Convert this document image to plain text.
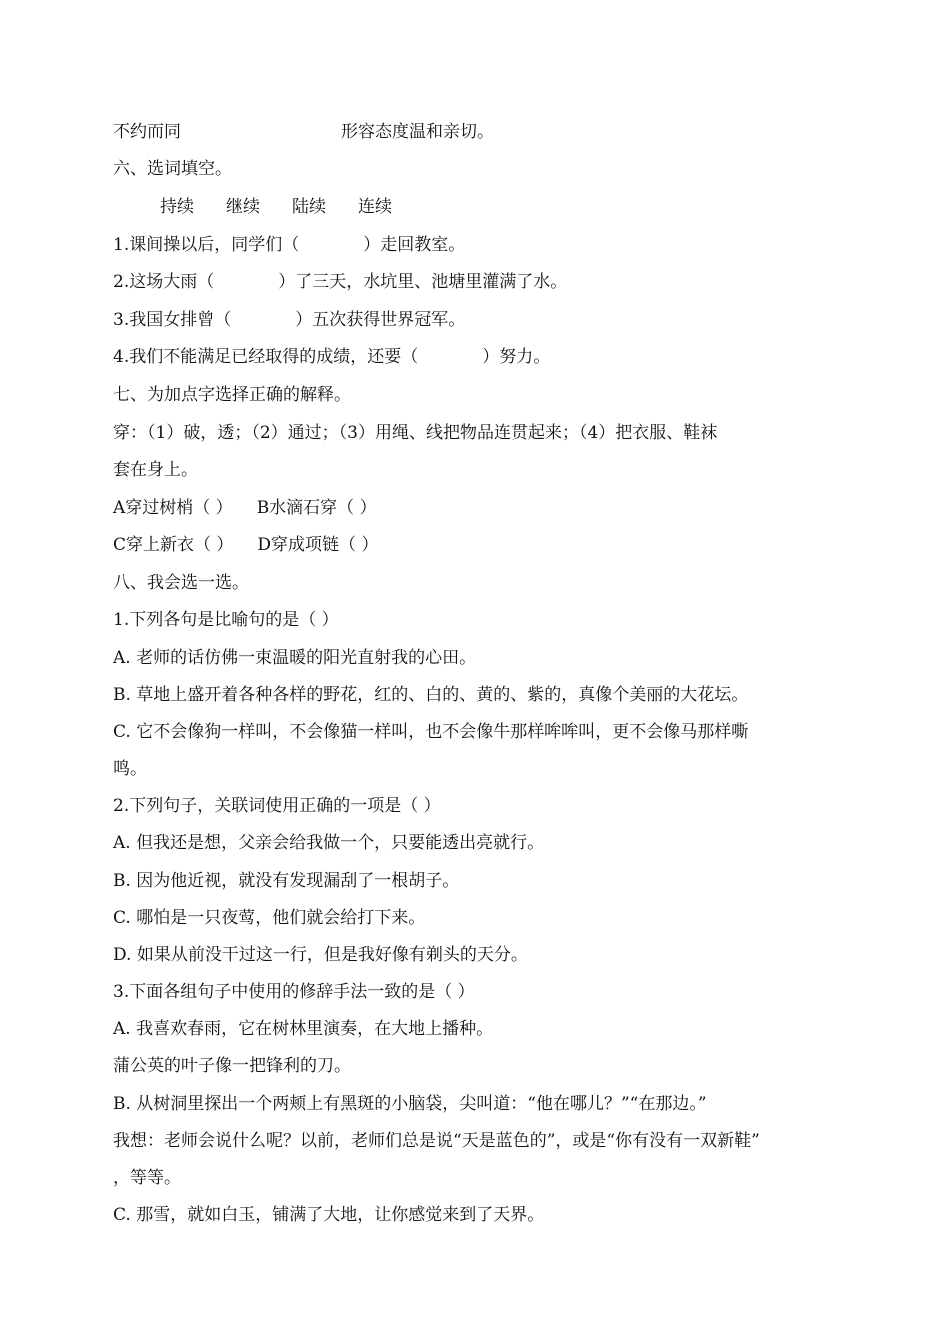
不约而同	形容态度温和亲切。
六、选词填空。
持续 继续 陆续 连续
1.课间操以后，同学们（	）走回教室。
2.这场大雨（	）了三天，水坑里、池塘里灌满了水。
3.我国女排曾（	）五次获得世界冠军。
4.我们不能满足已经取得的成绩，还要（	）努力。
七、为加点字选择正确的解释。
穿：（1）破，透；（2）通过；（3）用绳、线把物品连贯起来；（4）把衣服、鞋袜
套在身上。
A穿过树梢（ ） B水滴石穿（ ）
C穿上新衣（ ） D穿成项链（ ）
八、我会选一选。
1.下列各句是比喻句的是（ ）
A. 老师的话仿佛一束温暖的阳光直射我的心田。
B. 草地上盛开着各种各样的野花，红的、白的、黄的、紫的，真像个美丽的大花坛。
C. 它不会像狗一样叫，不会像猫一样叫，也不会像牛那样哞哞叫，更不会像马那样嘶
鸣。
2.下列句子，关联词使用正确的一项是（ ）
A. 但我还是想，父亲会给我做一个，只要能透出亮就行。
B. 因为他近视，就没有发现漏刮了一根胡子。
C. 哪怕是一只夜莺，他们就会给打下来。
D. 如果从前没干过这一行，但是我好像有剃头的天分。
3.下面各组句子中使用的修辞手法一致的是（ ）
A. 我喜欢春雨，它在树林里演奏，在大地上播种。
蒲公英的叶子像一把锋利的刀。
B. 从树洞里探出一个两颊上有黑斑的小脑袋，尖叫道：“他在哪儿？”“在那边。”
我想：老师会说什么呢？以前，老师们总是说“天是蓝色的”，或是“你有没有一双新鞋”
，等等。
C. 那雪，就如白玉，铺满了大地，让你感觉来到了天界。
